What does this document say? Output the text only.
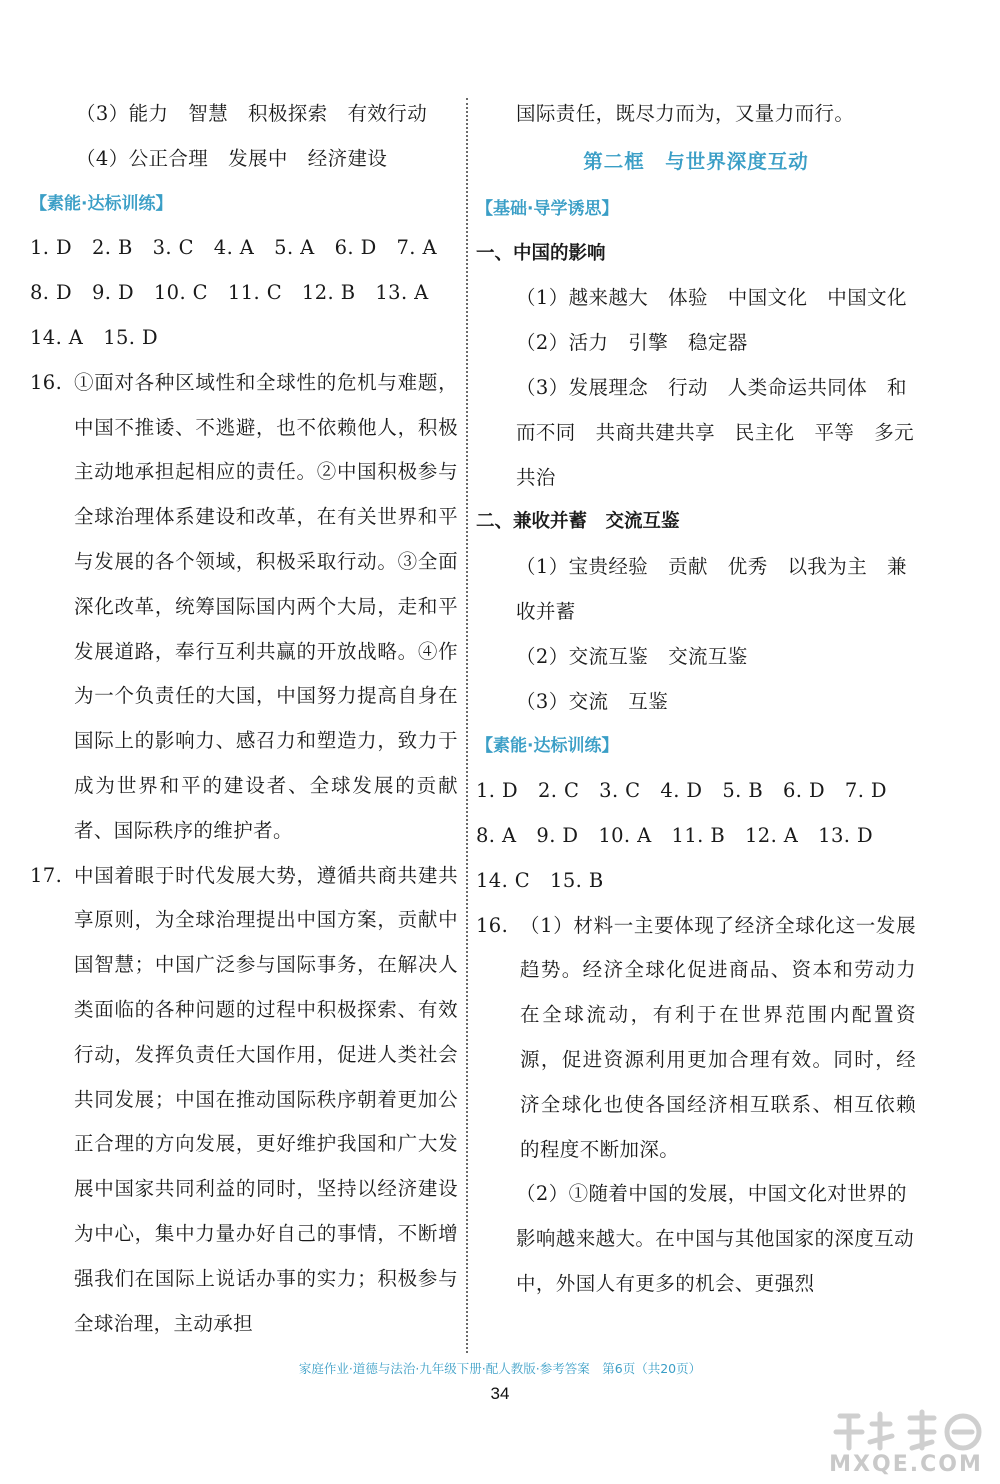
（3）能力　智慧　积极探索　有效行动
（4）公正合理　发展中　经济建设
【素能·达标训练】
1. D　2. B　3. C　4. A　5. A　6. D　7. A
8. D　9. D　10. C　11. C　12. B　13. A
14. A　15. D
16. ①面对各种区域性和全球性的危机与难题，中国不推诿、不逃避，也不依赖他人，积极主动地承担起相应的责任。②中国积极参与全球治理体系建设和改革，在有关世界和平与发展的各个领域，积极采取行动。③全面深化改革，统筹国际国内两个大局，走和平发展道路，奉行互利共赢的开放战略。④作为一个负责任的大国，中国努力提高自身在国际上的影响力、感召力和塑造力，致力于成为世界和平的建设者、全球发展的贡献者、国际秩序的维护者。
17. 中国着眼于时代发展大势，遵循共商共建共享原则，为全球治理提出中国方案，贡献中国智慧；中国广泛参与国际事务，在解决人类面临的各种问题的过程中积极探索、有效行动，发挥负责任大国作用，促进人类社会共同发展；中国在推动国际秩序朝着更加公正合理的方向发展，更好维护我国和广大发展中国家共同利益的同时，坚持以经济建设为中心，集中力量办好自己的事情，不断增强我们在国际上说话办事的实力；积极参与全球治理，主动承担
国际责任，既尽力而为，又量力而行。
第二框　与世界深度互动
【基础·导学诱思】
一、中国的影响
（1）越来越大　体验　中国文化　中国文化
（2）活力　引擎　稳定器
（3）发展理念　行动　人类命运共同体　和而不同　共商共建共享　民主化　平等　多元共治
二、兼收并蓄　交流互鉴
（1）宝贵经验　贡献　优秀　以我为主　兼收并蓄
（2）交流互鉴　交流互鉴
（3）交流　互鉴
【素能·达标训练】
1. D　2. C　3. C　4. D　5. B　6. D　7. D
8. A　9. D　10. A　11. B　12. A　13. D
14. C　15. B
16. （1）材料一主要体现了经济全球化这一发展趋势。经济全球化促进商品、资本和劳动力在全球流动，有利于在世界范围内配置资源，促进资源利用更加合理有效。同时，经济全球化也使各国经济相互联系、相互依赖的程度不断加深。
（2）①随着中国的发展，中国文化对世界的影响越来越大。在中国与其他国家的深度互动中，外国人有更多的机会、更强烈
家庭作业·道德与法治·九年级下册·配人教版·参考答案　第6页（共20页）
34
MXQE.COM
